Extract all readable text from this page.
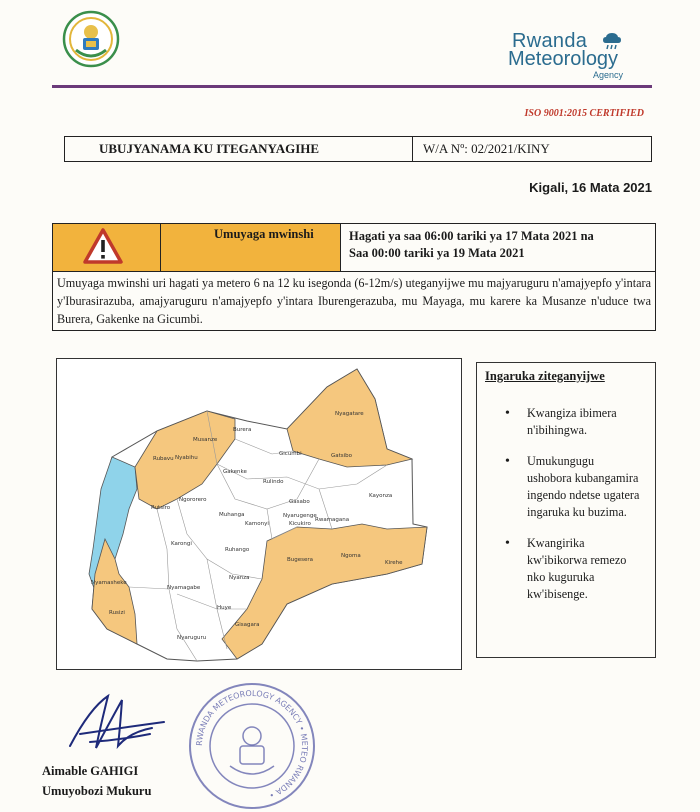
Rwanda
Meteorology
Agency
ISO 9001:2015 CERTIFIED
UBUJYANAMA KU ITEGANYAGIHE	W/A Nº: 02/2021/KINY
Kigali, 16 Mata 2021
Umuyaga mwinshi	Hagati ya saa 06:00 tariki ya 17 Mata 2021 na
Saa 00:00 tariki ya 19 Mata 2021
Umuyaga mwinshi uri hagati ya metero 6 na 12 ku isegonda (6-12m/s) uteganyijwe mu majyaruguru n'amajyepfo y'intara y'Iburasirazuba, amajyaruguru n'amajyepfo y'intara Iburengerazuba, mu Mayaga, mu karere ka Musanze n'uduce twa Burera, Gakenke na Gicumbi.
Burera
Musanze
Rubavu Nyabihu
Gakenke
Gicumbi
Nyagatare
Gatsibo
Rulindo
Ngororero
Rutsiro
Muhanga
Kamonyi
Gasabo
Kicukiro
Nyarugenge
Rwamagana
Kayonza
Karongi
Ruhango
Bugesera
Ngoma
Kirehe
Nyanza
Nyamasheke
Nyamagabe
Rusizi
Huye
Gisagara
Nyaruguru
Ingaruka ziteganyijwe
• Kwangiza ibimera n'ibihingwa.
• Umukungugu ushobora kubangamira ingendo ndetse ugatera ingaruka ku buzima.
• Kwangirika kw'ibikorwa remezo nko kuguruka kw'ibisenge.
Aimable GAHIGI
Umuyobozi Mukuru
RWANDA METEOROLOGY AGENCY • METEO RWANDA •
